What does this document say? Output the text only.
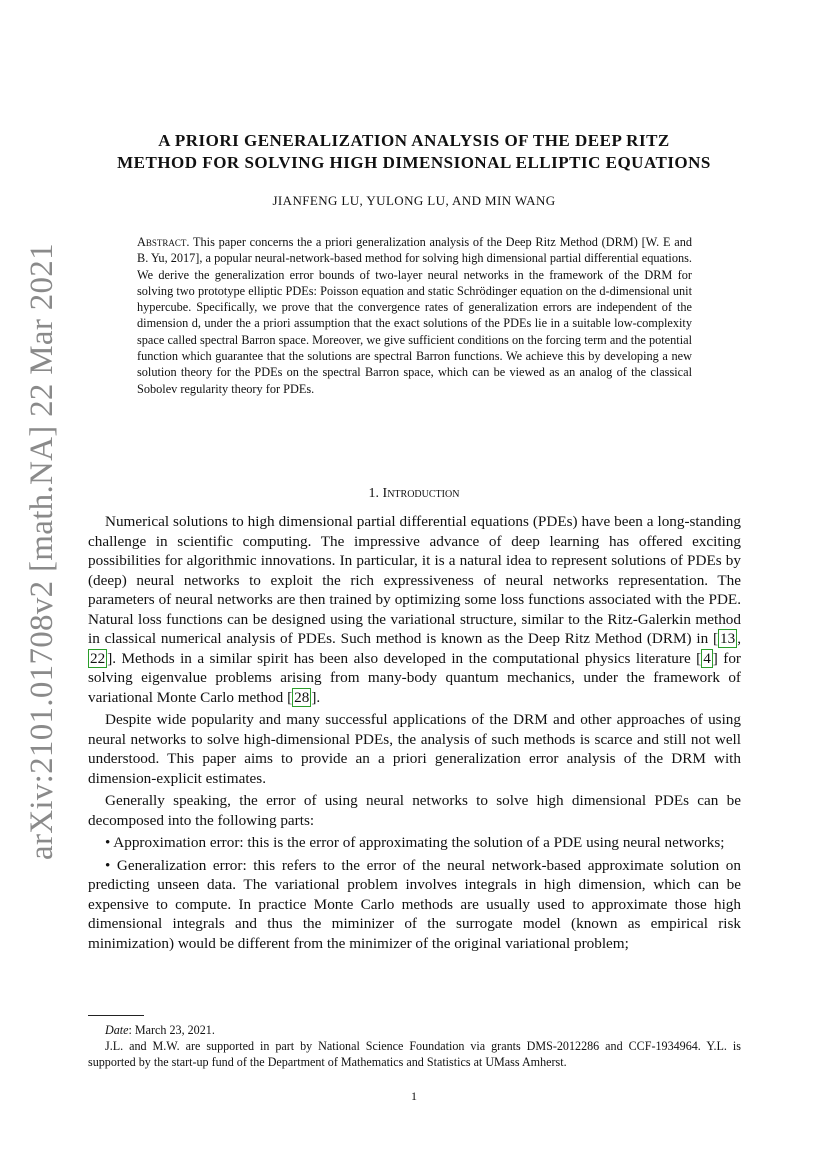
arXiv:2101.01708v2 [math.NA] 22 Mar 2021
A PRIORI GENERALIZATION ANALYSIS OF THE DEEP RITZ
METHOD FOR SOLVING HIGH DIMENSIONAL ELLIPTIC EQUATIONS
JIANFENG LU, YULONG LU, AND MIN WANG
Abstract. This paper concerns the a priori generalization analysis of the Deep Ritz Method (DRM) [W. E and B. Yu, 2017], a popular neural-network-based method for solving high dimensional partial differential equations. We derive the generalization error bounds of two-layer neural networks in the framework of the DRM for solving two prototype elliptic PDEs: Poisson equation and static Schrödinger equation on the d-dimensional unit hypercube. Specifically, we prove that the convergence rates of generalization errors are independent of the dimension d, under the a priori assumption that the exact solutions of the PDEs lie in a suitable low-complexity space called spectral Barron space. Moreover, we give sufficient conditions on the forcing term and the potential function which guarantee that the solutions are spectral Barron functions. We achieve this by developing a new solution theory for the PDEs on the spectral Barron space, which can be viewed as an analog of the classical Sobolev regularity theory for PDEs.
1. Introduction

Numerical solutions to high dimensional partial differential equations (PDEs) have been a long-standing challenge in scientific computing. The impressive advance of deep learning has offered exciting possibilities for algorithmic innovations. In particular, it is a natural idea to represent solutions of PDEs by (deep) neural networks to exploit the rich expressiveness of neural networks representation. The parameters of neural networks are then trained by optimizing some loss functions associated with the PDE. Natural loss functions can be designed using the variational structure, similar to the Ritz-Galerkin method in classical numerical analysis of PDEs. Such method is known as the Deep Ritz Method (DRM) in [ 13 , 22 ]. Methods in a similar spirit has been also developed in the computational physics literature [ 4 ] for solving eigenvalue problems arising from many-body quantum mechanics, under the framework of variational Monte Carlo method [ 28 ].

Despite wide popularity and many successful applications of the DRM and other approaches of using neural networks to solve high-dimensional PDEs, the analysis of such methods is scarce and still not well understood. This paper aims to provide an a priori generalization error analysis of the DRM with dimension-explicit estimates.

Generally speaking, the error of using neural networks to solve high dimensional PDEs can be decomposed into the following parts:

• Approximation error: this is the error of approximating the solution of a PDE using neural networks;

• Generalization error: this refers to the error of the neural network-based approximate solution on predicting unseen data. The variational problem involves integrals in high dimension, which can be expensive to compute. In practice Monte Carlo methods are usually used to approximate those high dimensional integrals and thus the miminizer of the surrogate model (known as empirical risk minimization) would be different from the minimizer of the original variational problem;

Date: March 23, 2021.

J.L. and M.W. are supported in part by National Science Foundation via grants DMS-2012286 and CCF-1934964. Y.L. is supported by the start-up fund of the Department of Mathematics and Statistics at UMass Amherst.

1
